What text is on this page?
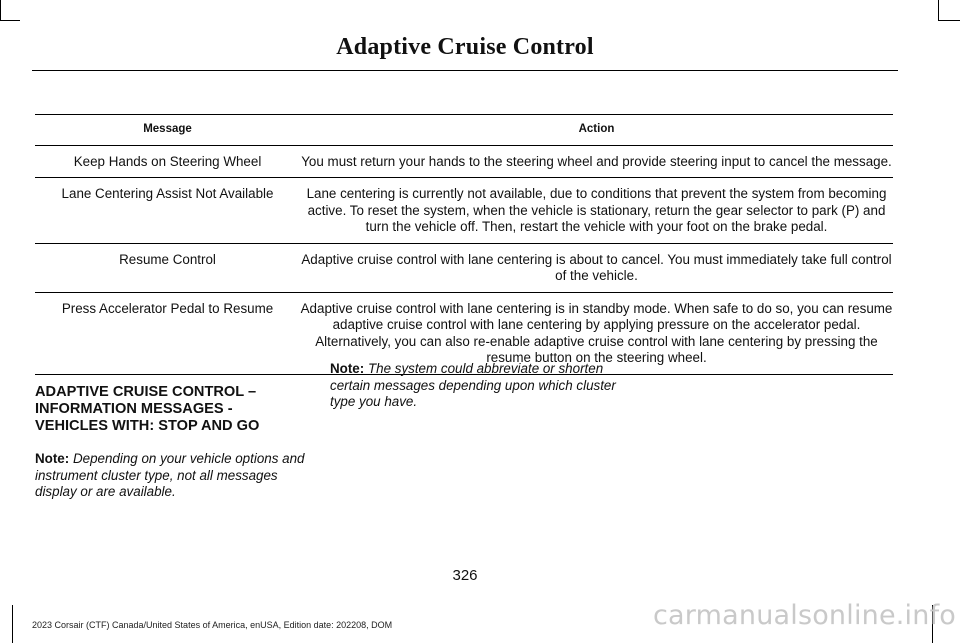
Adaptive Cruise Control
Message	Action
Keep Hands on Steering Wheel	You must return your hands to the steering wheel and provide steering input to cancel the message.
Lane Centering Assist Not Available	Lane centering is currently not available, due to conditions that prevent the system from becoming active. To reset the system, when the vehicle is stationary, return the gear selector to park (P) and turn the vehicle off. Then, restart the vehicle with your foot on the brake pedal.
Resume Control	Adaptive cruise control with lane centering is about to cancel. You must immediately take full control of the vehicle.
Press Accelerator Pedal to Resume	Adaptive cruise control with lane centering is in standby mode. When safe to do so, you can resume adaptive cruise control with lane centering by applying pressure on the accelerator pedal. Alternatively, you can also re-enable adaptive cruise control with lane centering by pressing the resume button on the steering wheel.
ADAPTIVE CRUISE CONTROL – INFORMATION MESSAGES - VEHICLES WITH: STOP AND GO

Note: Depending on your vehicle options and instrument cluster type, not all messages display or are available.

Note: The system could abbreviate or shorten certain messages depending upon which cluster type you have.

326
2023 Corsair (CTF) Canada/United States of America, enUSA, Edition date: 202208, DOM	carmanualsonline.info
